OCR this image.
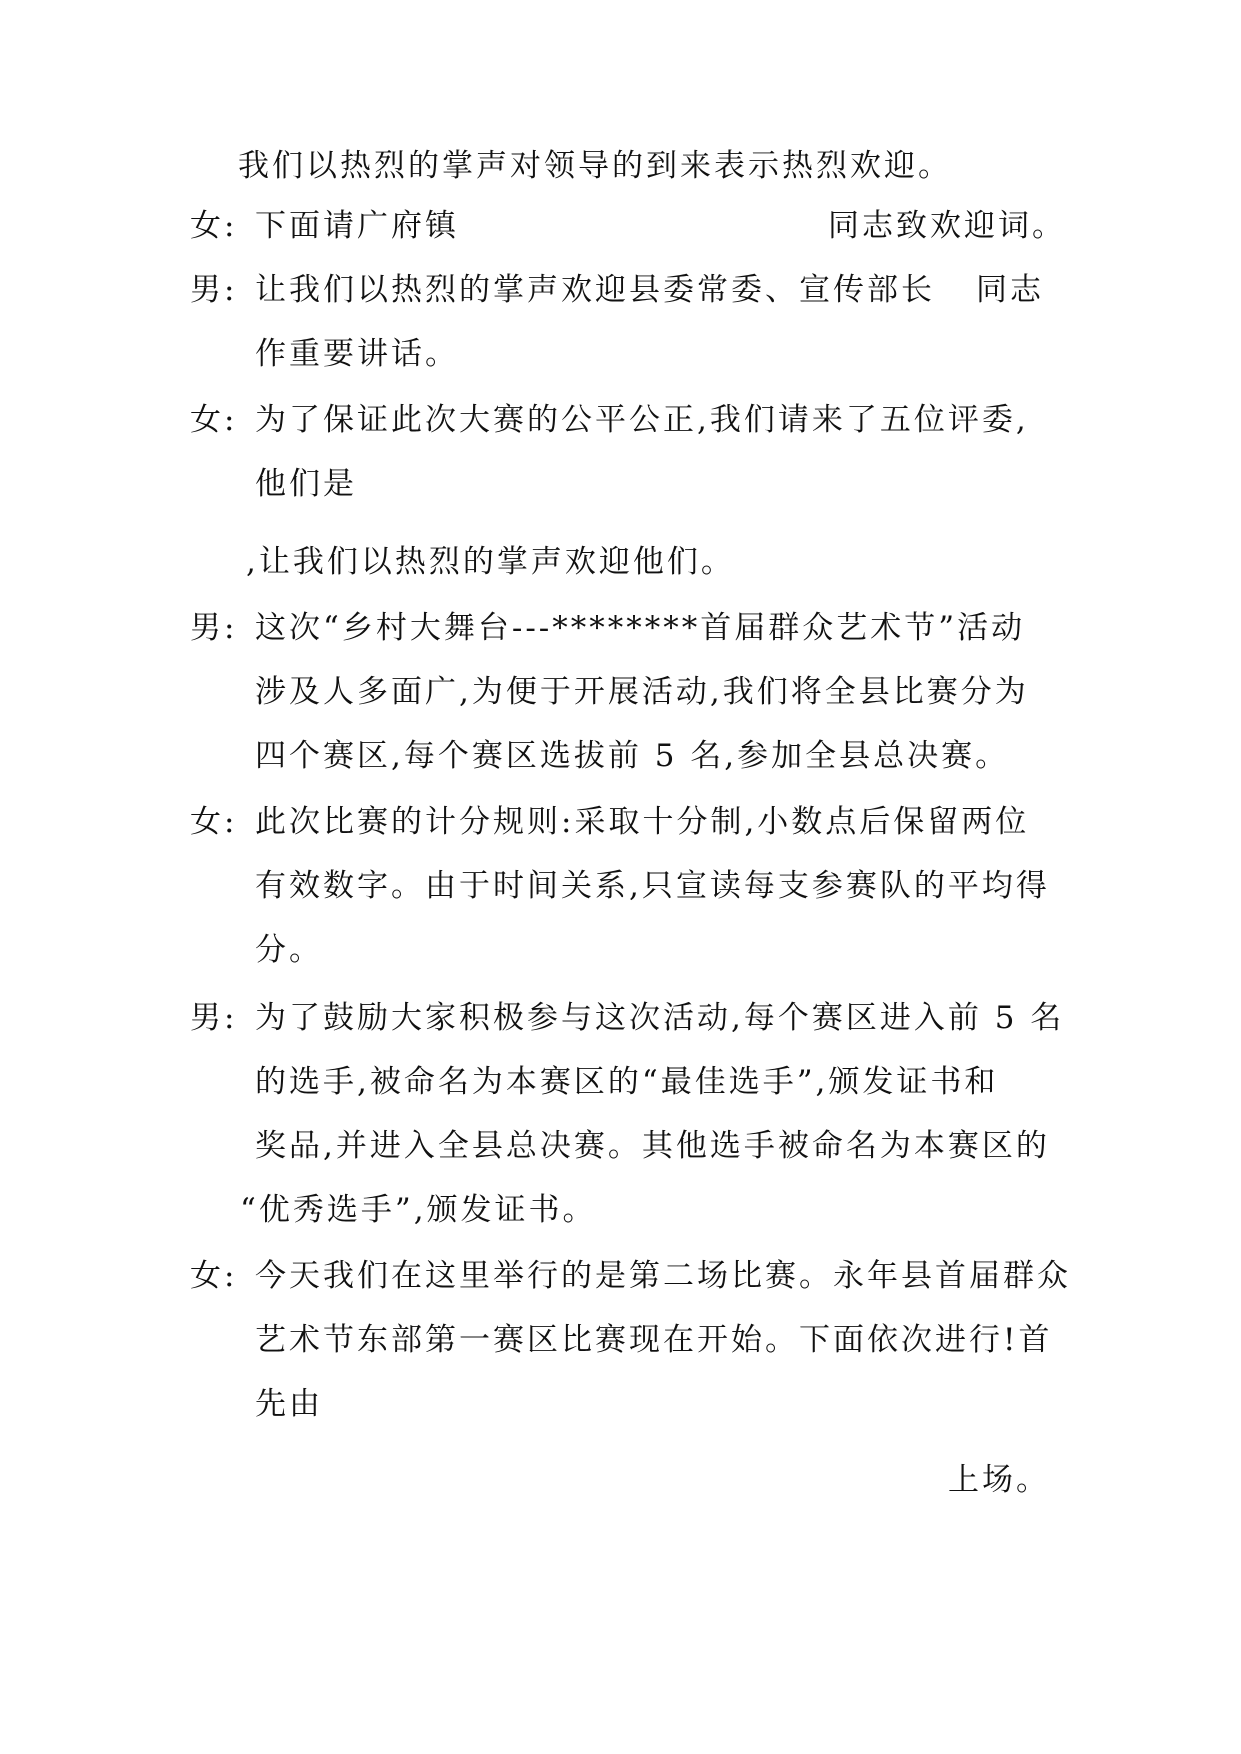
我们以热烈的掌声对领导的到来表示热烈欢迎。
女: 下面请广府镇	同志致欢迎词。
男: 让我们以热烈的掌声欢迎县委常委、宣传部长 同志
作重要讲话。
女: 为了保证此次大赛的公平公正,我们请来了五位评委,
他们是
,让我们以热烈的掌声欢迎他们。
男: 这次“乡村大舞台---********首届群众艺术节”活动
涉及人多面广,为便于开展活动,我们将全县比赛分为
四个赛区,每个赛区选拔前 5 名,参加全县总决赛。
女: 此次比赛的计分规则:采取十分制,小数点后保留两位
有效数字。由于时间关系,只宣读每支参赛队的平均得
分。
男: 为了鼓励大家积极参与这次活动,每个赛区进入前 5 名
的选手,被命名为本赛区的“最佳选手”,颁发证书和
奖品,并进入全县总决赛。其他选手被命名为本赛区的
“优秀选手”,颁发证书。
女: 今天我们在这里举行的是第二场比赛。永年县首届群众
艺术节东部第一赛区比赛现在开始。下面依次进行!首
先由
上场。
